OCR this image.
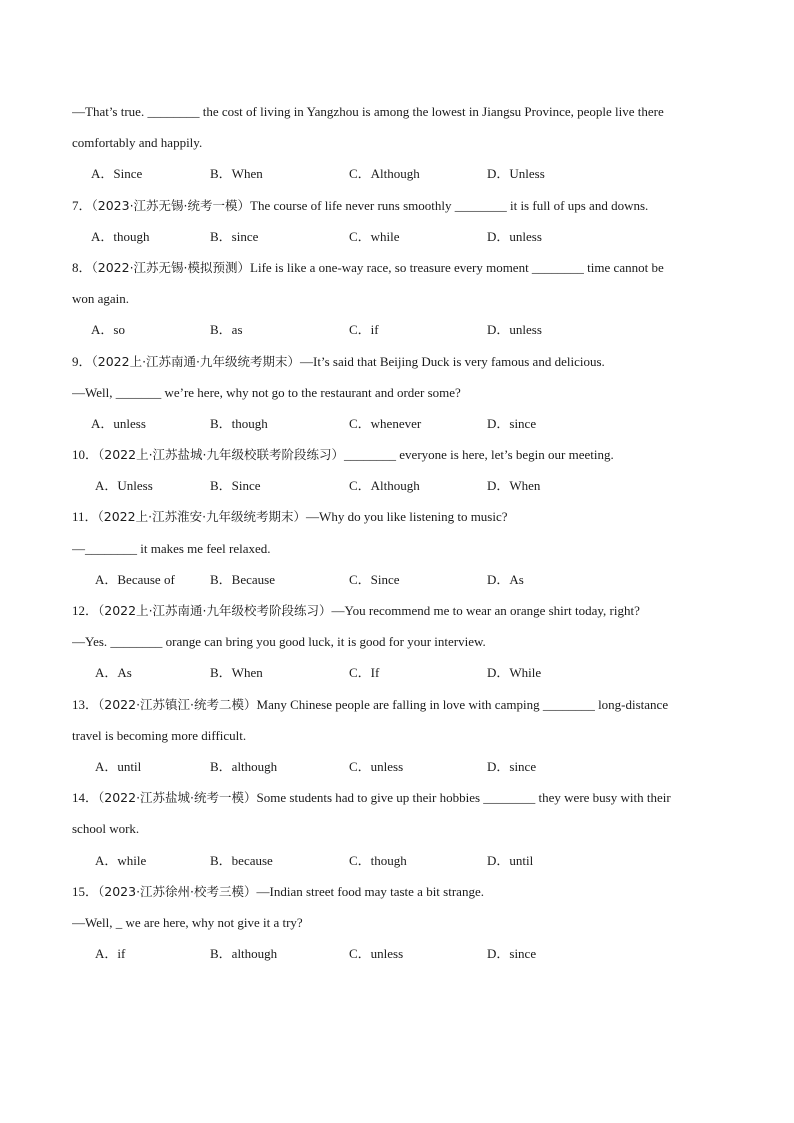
—That’s true. ________ the cost of living in Yangzhou is among the lowest in Jiangsu Province, people live there
comfortably and happily.
A．Since	B．When	C．Although	D．Unless
7．（2023·江苏无锡·统考一模）The course of life never runs smoothly ________ it is full of ups and downs.
A．though	B．since	C．while	D．unless
8．（2022·江苏无锡·模拟预测）Life is like a one-way race, so treasure every moment ________ time cannot be
won again.
A．so	B．as	C．if	D．unless
9．（2022上·江苏南通·九年级统考期末）—It’s said that Beijing Duck is very famous and delicious.
—Well, _______ we’re here, why not go to the restaurant and order some?
A．unless	B．though	C．whenever	D．since
10．（2022上·江苏盐城·九年级校联考阶段练习）________ everyone is here, let’s begin our meeting.
A．Unless	B．Since	C．Although	D．When
11．（2022上·江苏淮安·九年级统考期末）—Why do you like listening to music?
—________ it makes me feel relaxed.
A．Because of	B．Because	C．Since	D．As
12．（2022上·江苏南通·九年级校考阶段练习）—You recommend me to wear an orange shirt today, right?
—Yes. ________ orange can bring you good luck, it is good for your interview.
A．As	B．When	C．If	D．While
13．（2022·江苏镇江·统考二模）Many Chinese people are falling in love with camping ________ long-distance
travel is becoming more difficult.
A．until	B．although	C．unless	D．since
14．（2022·江苏盐城·统考一模）Some students had to give up their hobbies ________ they were busy with their
school work.
A．while	B．because	C．though	D．until
15．（2023·江苏徐州·校考三模）—Indian street food may taste a bit strange.
—Well, _ we are here, why not give it a try?
A．if	B．although	C．unless	D．since
